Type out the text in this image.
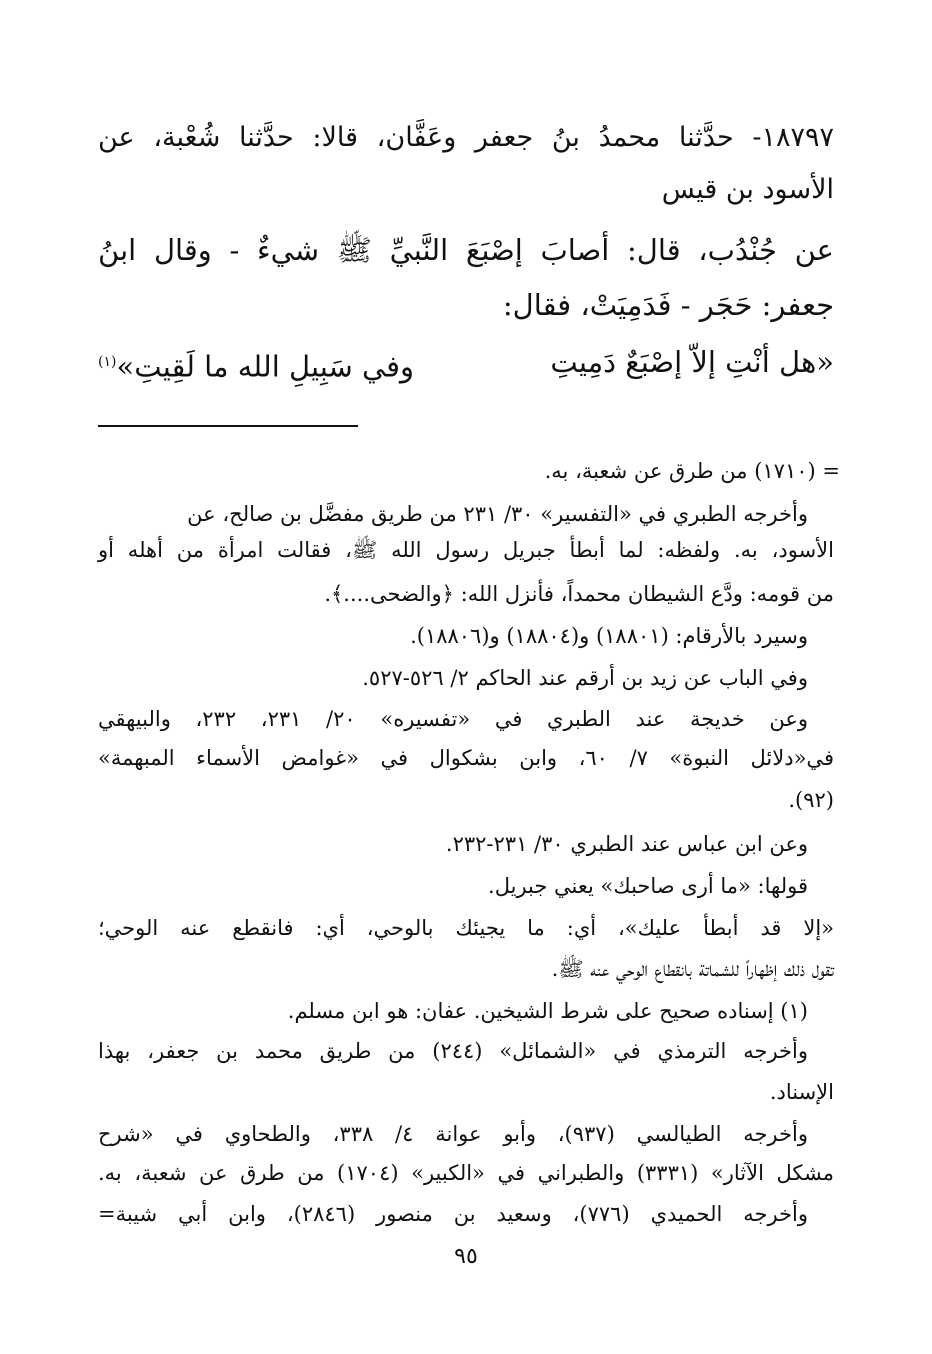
١٨٧٩٧- حدَّثنا محمدُ بنُ جعفر وعَفَّان، قالا: حدَّثنا شُعْبة، عن

الأسود بن قيس

عن جُنْدُب، قال: أصابَ إصْبَعَ النَّبيِّ ﷺ شيءٌ - وقال ابنُ

جعفر: حَجَر - فَدَمِيَتْ، فقال:

«هل أنْتِ إلاّ إصْبَعٌ دَمِيتِ
وفي سَبِيلِ الله ما لَقِيتِ»$^{(١)}$

= (١٧١٠) من طرق عن شعبة، به.

وأخرجه الطبري في «التفسير» ٣٠/ ٢٣١ من طريق مفضَّل بن صالح، عن

الأسود، به. ولفظه: لما أبطأ جبريل رسول الله ﷺ، فقالت امرأة من أهله أو

من قومه: ودَّع الشيطان محمداً، فأنزل الله: ﴿والضحى....﴾.

وسيرد بالأرقام: (١٨٨٠١) و(١٨٨٠٤) و(١٨٨٠٦).

وفي الباب عن زيد بن أرقم عند الحاكم ٢/ ٥٢٦-٥٢٧.

وعن خديجة عند الطبري في «تفسيره» ٢٠/ ٢٣١، ٢٣٢، والبيهقي

في«دلائل النبوة» ٧/ ٦٠، وابن بشكوال في «غوامض الأسماء المبهمة»

(٩٢).

وعن ابن عباس عند الطبري ٣٠/ ٢٣١-٢٣٢.

قولها: «ما أرى صاحبك» يعني جبريل.

«إلا قد أبطأ عليك»، أي: ما يجيئك بالوحي، أي: فانقطع عنه الوحي؛

تقول ذلك إظهاراً للشماتة بانقطاع الوحي عنه ﷺ.

(١) إسناده صحيح على شرط الشيخين. عفان: هو ابن مسلم.

وأخرجه الترمذي في «الشمائل» (٢٤٤) من طريق محمد بن جعفر، بهذا

الإسناد.

وأخرجه الطيالسي (٩٣٧)، وأبو عوانة ٤/ ٣٣٨، والطحاوي في «شرح

مشكل الآثار» (٣٣٣١) والطبراني في «الكبير» (١٧٠٤) من طرق عن شعبة، به.

وأخرجه الحميدي (٧٧٦)، وسعيد بن منصور (٢٨٤٦)، وابن أبي شيبة=

٩٥
